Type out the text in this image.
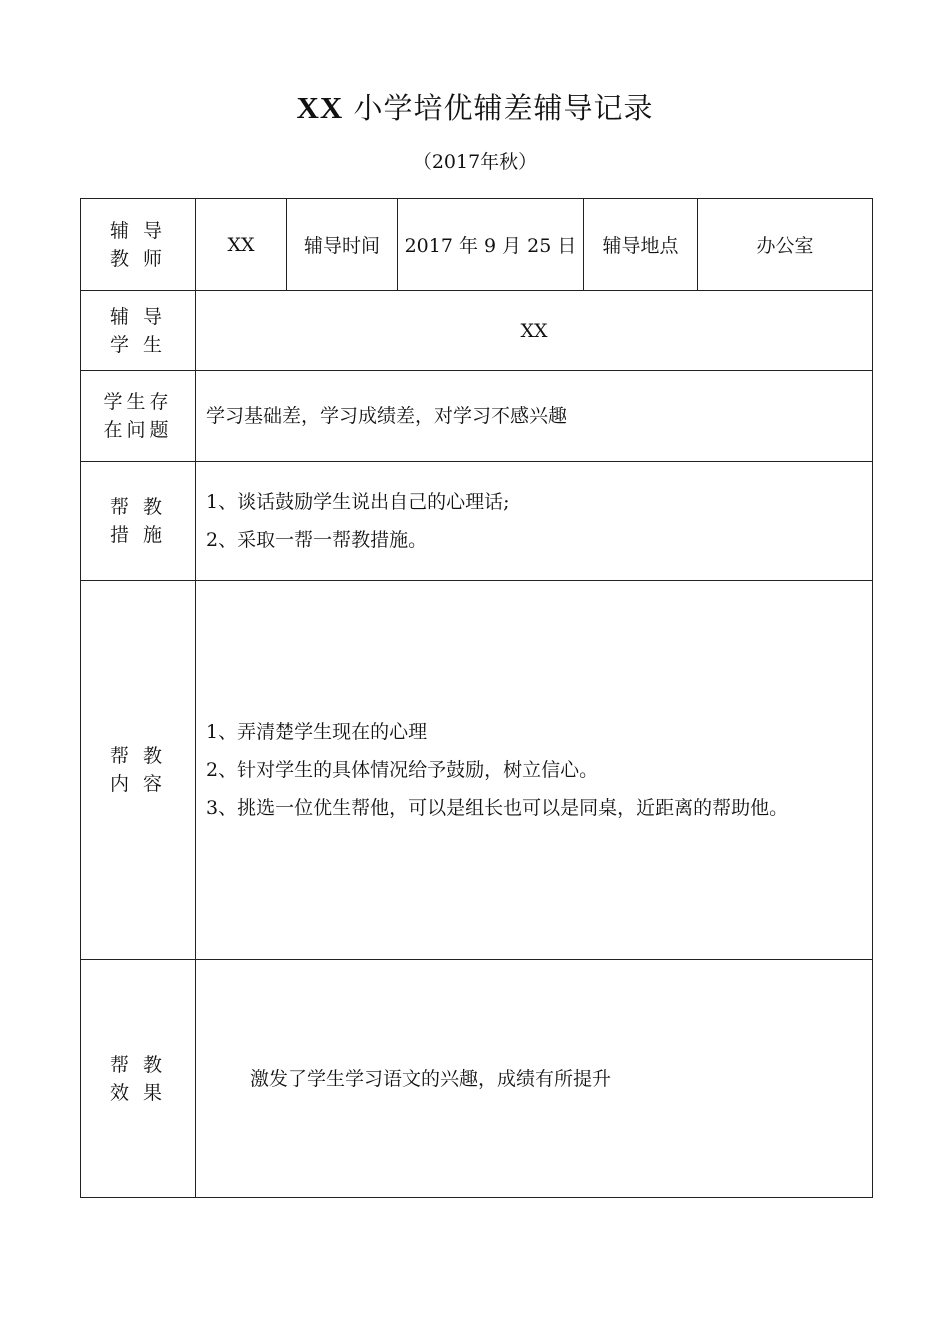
XX 小学培优辅差辅导记录
（2017年秋）
辅 导
教 师	XX	辅导时间	2017 年 9 月 25 日	辅导地点	办公室

辅 导
学 生	XX				

学生存
在问题	学习基础差，学习成绩差，对学习不感兴趣				

帮 教
措 施	1、谈话鼓励学生说出自己的心理话;
2、采取一帮一帮教措施。				

帮 教
内 容	1、弄清楚学生现在的心理
2、针对学生的具体情况给予鼓励，树立信心。
3、挑选一位优生帮他，可以是组长也可以是同桌，近距离的帮助他。				

帮 教
效 果	激发了学生学习语文的兴趣，成绩有所提升				
